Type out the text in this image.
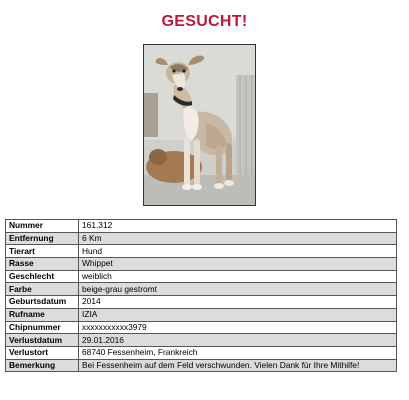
GESUCHT!
Nummer	161.312
Entfernung	6 Km
Tierart	Hund
Rasse	Whippet
Geschlecht	weiblich
Farbe	beige-grau gestromt
Geburtsdatum	2014
Rufname	IZIA
Chipnummer	xxxxxxxxxxx3979
Verlustdatum	29.01.2016
Verlustort	68740 Fessenheim, Frankreich
Bemerkung	Bei Fessenheim auf dem Feld verschwunden. Vielen Dank für Ihre Mithilfe!
